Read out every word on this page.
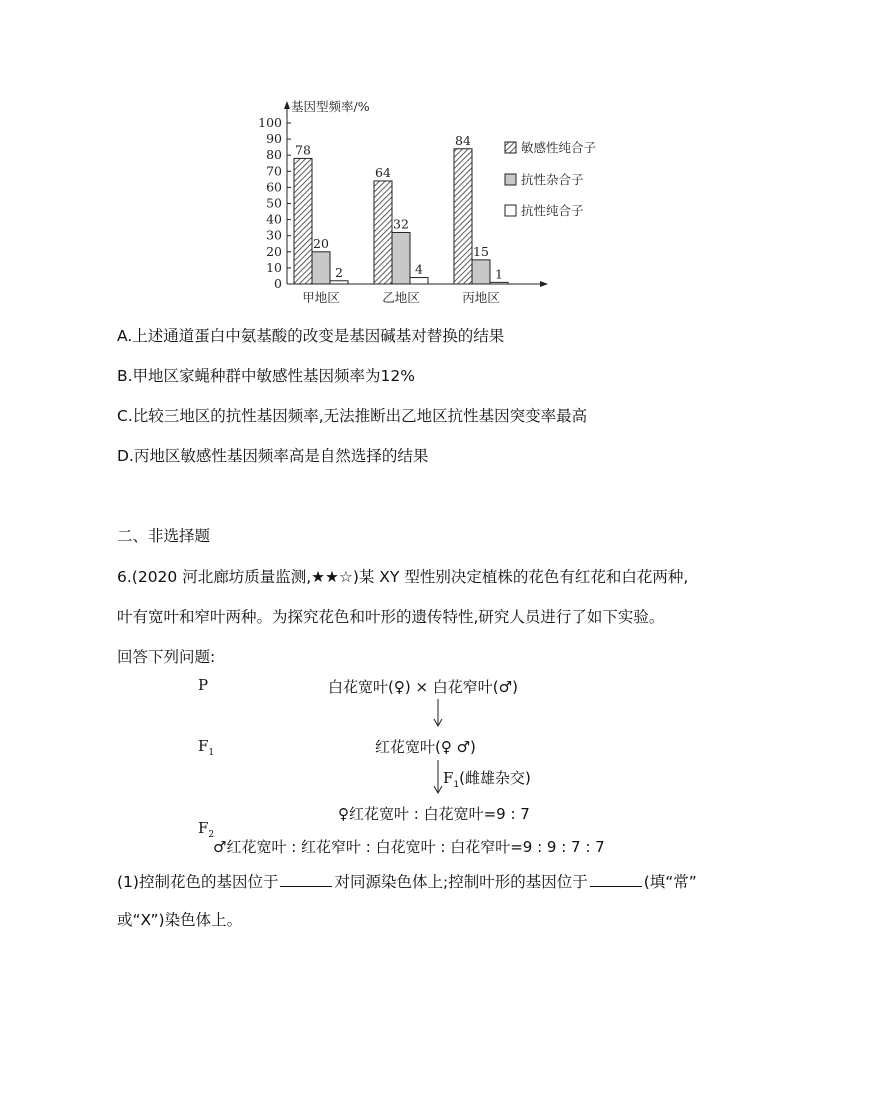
基因型频率/%
0
10
20
30
40
50
60
70
80
90
100
78
20
2
甲地区
64
32
4
乙地区
84
15
1
丙地区
敏感性纯合子
抗性杂合子
抗性纯合子
A.上述通道蛋白中氨基酸的改变是基因碱基对替换的结果
B.甲地区家蝇种群中敏感性基因频率为12%
C.比较三地区的抗性基因频率,无法推断出乙地区抗性基因突变率最高
D.丙地区敏感性基因频率高是自然选择的结果
二、非选择题
6.(2020 河北廊坊质量监测,★★☆)某 XY 型性别决定植株的花色有红花和白花两种,
叶有宽叶和窄叶两种。为探究花色和叶形的遗传特性,研究人员进行了如下实验。
回答下列问题:
P	白花宽叶(♀) × 白花窄叶(♂)
$F_1$	红花宽叶(♀ ♂)
$F_1$(雌雄杂交)
♀红花宽叶 : 白花宽叶=9 : 7
$F_2$
♂红花宽叶 : 红花窄叶 : 白花宽叶 : 白花窄叶=9 : 9 : 7 : 7
(1)控制花色的基因位于	对同源染色体上;控制叶形的基因位于	(填“常”
或“X”)染色体上。
